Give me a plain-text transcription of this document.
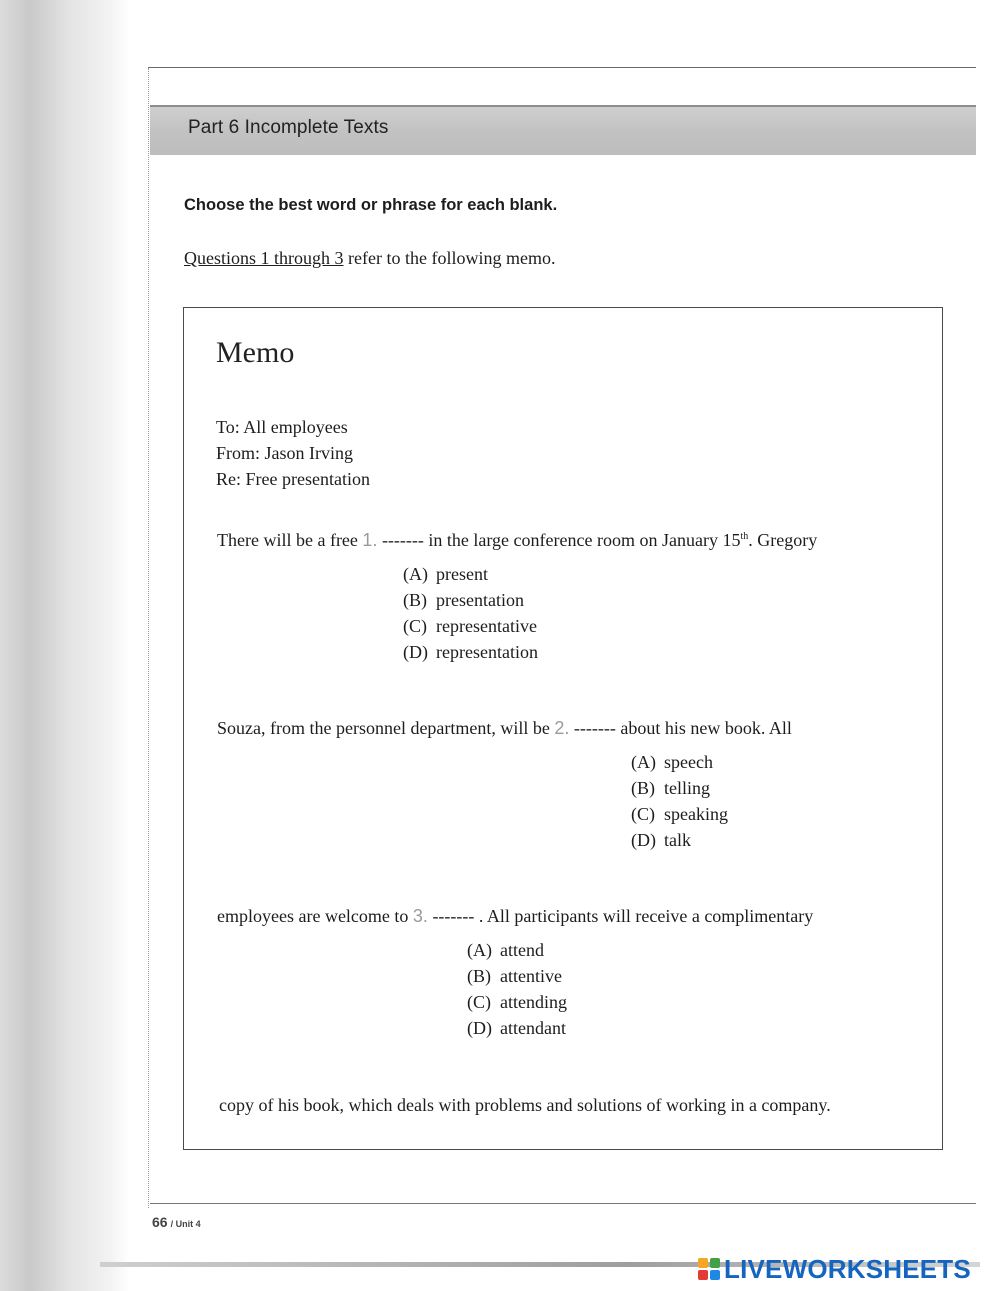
Part 6 Incomplete Texts
Choose the best word or phrase for each blank.
Questions 1 through 3 refer to the following memo.
Memo
To: All employees
From: Jason Irving
Re: Free presentation
There will be a free 1. ------- in the large conference room on January 15th. Gregory
(A) present
(B) presentation
(C) representative
(D) representation
Souza, from the personnel department, will be 2. ------- about his new book. All
(A) speech
(B) telling
(C) speaking
(D) talk
employees are welcome to 3. ------- . All participants will receive a complimentary
(A) attend
(B) attentive
(C) attending
(D) attendant
copy of his book, which deals with problems and solutions of working in a company.
66 / Unit 4
LIVEWORKSHEETS
